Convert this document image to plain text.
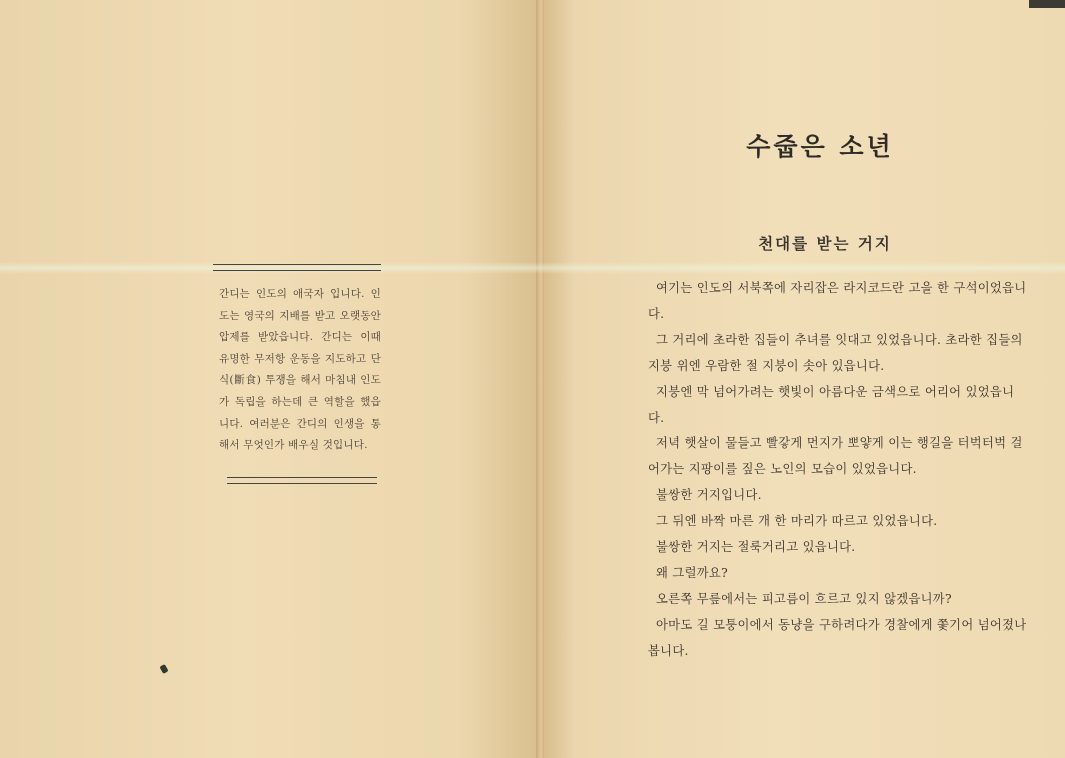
간디는 인도의 애국자 입니다. 인도는 영국의 지배를 받고 오랫동안 압제를 받았읍니다. 간디는 이때 유명한 무저항 운동을 지도하고 단식(斷食) 투쟁을 해서 마침내 인도가 독립을 하는데 큰 역할을 했읍니다. 여러분은 간디의 인생을 통해서 무엇인가 배우실 것입니다.

수줍은 소년
천대를 받는 거지

여기는 인도의 서북쪽에 자리잡은 라지코드란 고을 한 구석이었읍니다.

그 거리에 초라한 집들이 추녀를 잇대고 있었읍니다. 초라한 집들의 지붕 위엔 우람한 절 지붕이 솟아 있읍니다.

지붕엔 막 넘어가려는 햇빛이 아름다운 금색으로 어리어 있었읍니다.

저녁 햇살이 물들고 빨갛게 먼지가 뽀얗게 이는 행길을 터벅터벅 걸어가는 지팡이를 짚은 노인의 모습이 있었읍니다.

불쌍한 거지입니다.

그 뒤엔 바짝 마른 개 한 마리가 따르고 있었읍니다.

불쌍한 거지는 절룩거리고 있읍니다.

왜 그럴까요?

오른쪽 무릎에서는 피고름이 흐르고 있지 않겠읍니까?

아마도 길 모퉁이에서 동냥을 구하려다가 경찰에게 쫓기어 넘어졌나 봅니다.
